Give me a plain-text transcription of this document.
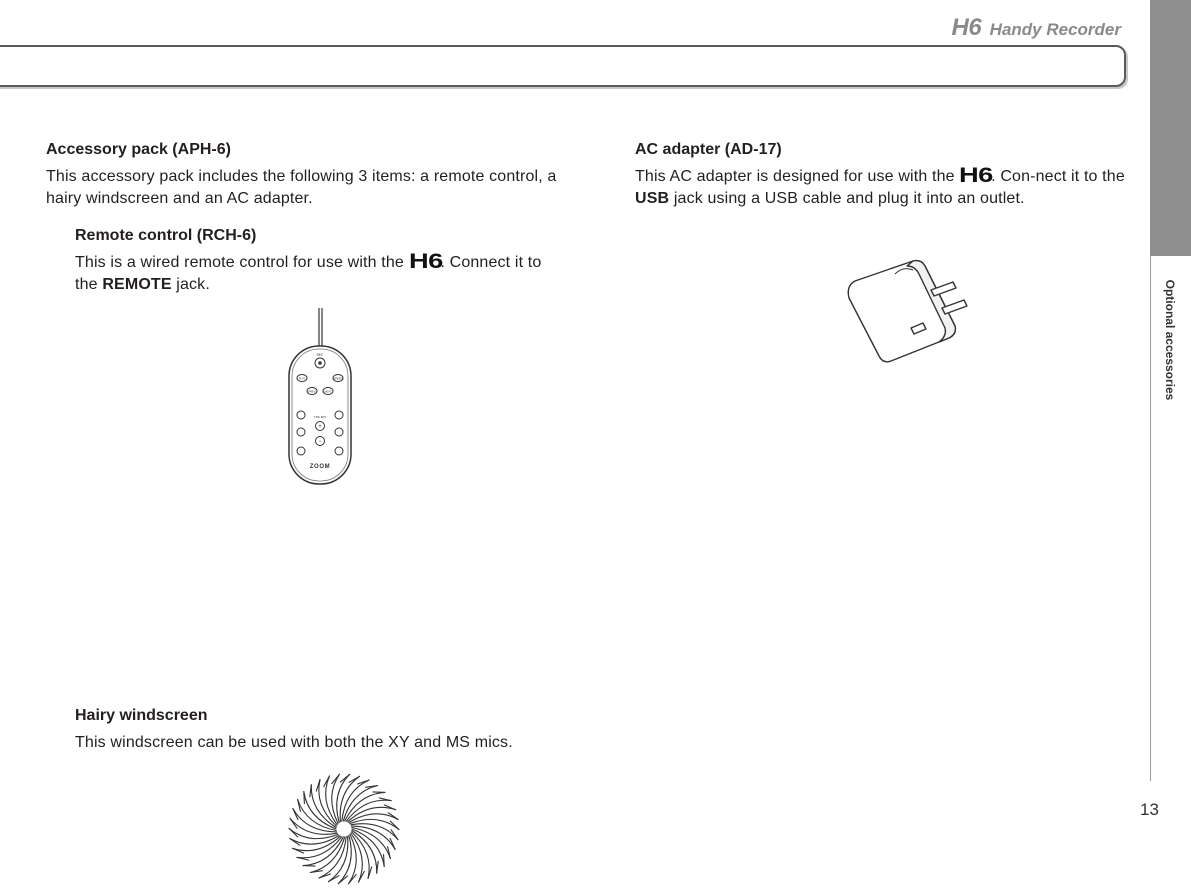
H6 Handy Recorder
Optional accessories
13
Accessory pack (APH-6)

This accessory pack includes the following 3 items: a remote control, a hairy windscreen and an AC adapter.

Remote control (RCH-6)

This is a wired remote control for use with the H6. Connect it to the REMOTE jack.

REC
PLAY	SPEED
PREV	NEXT
TRK MIX
+
−
ZOOM
Hairy windscreen

This windscreen can be used with both the XY and MS mics.

AC adapter (AD-17)

This AC adapter is designed for use with the H6. Con-nect it to the USB jack using a USB cable and plug it into an outlet.
